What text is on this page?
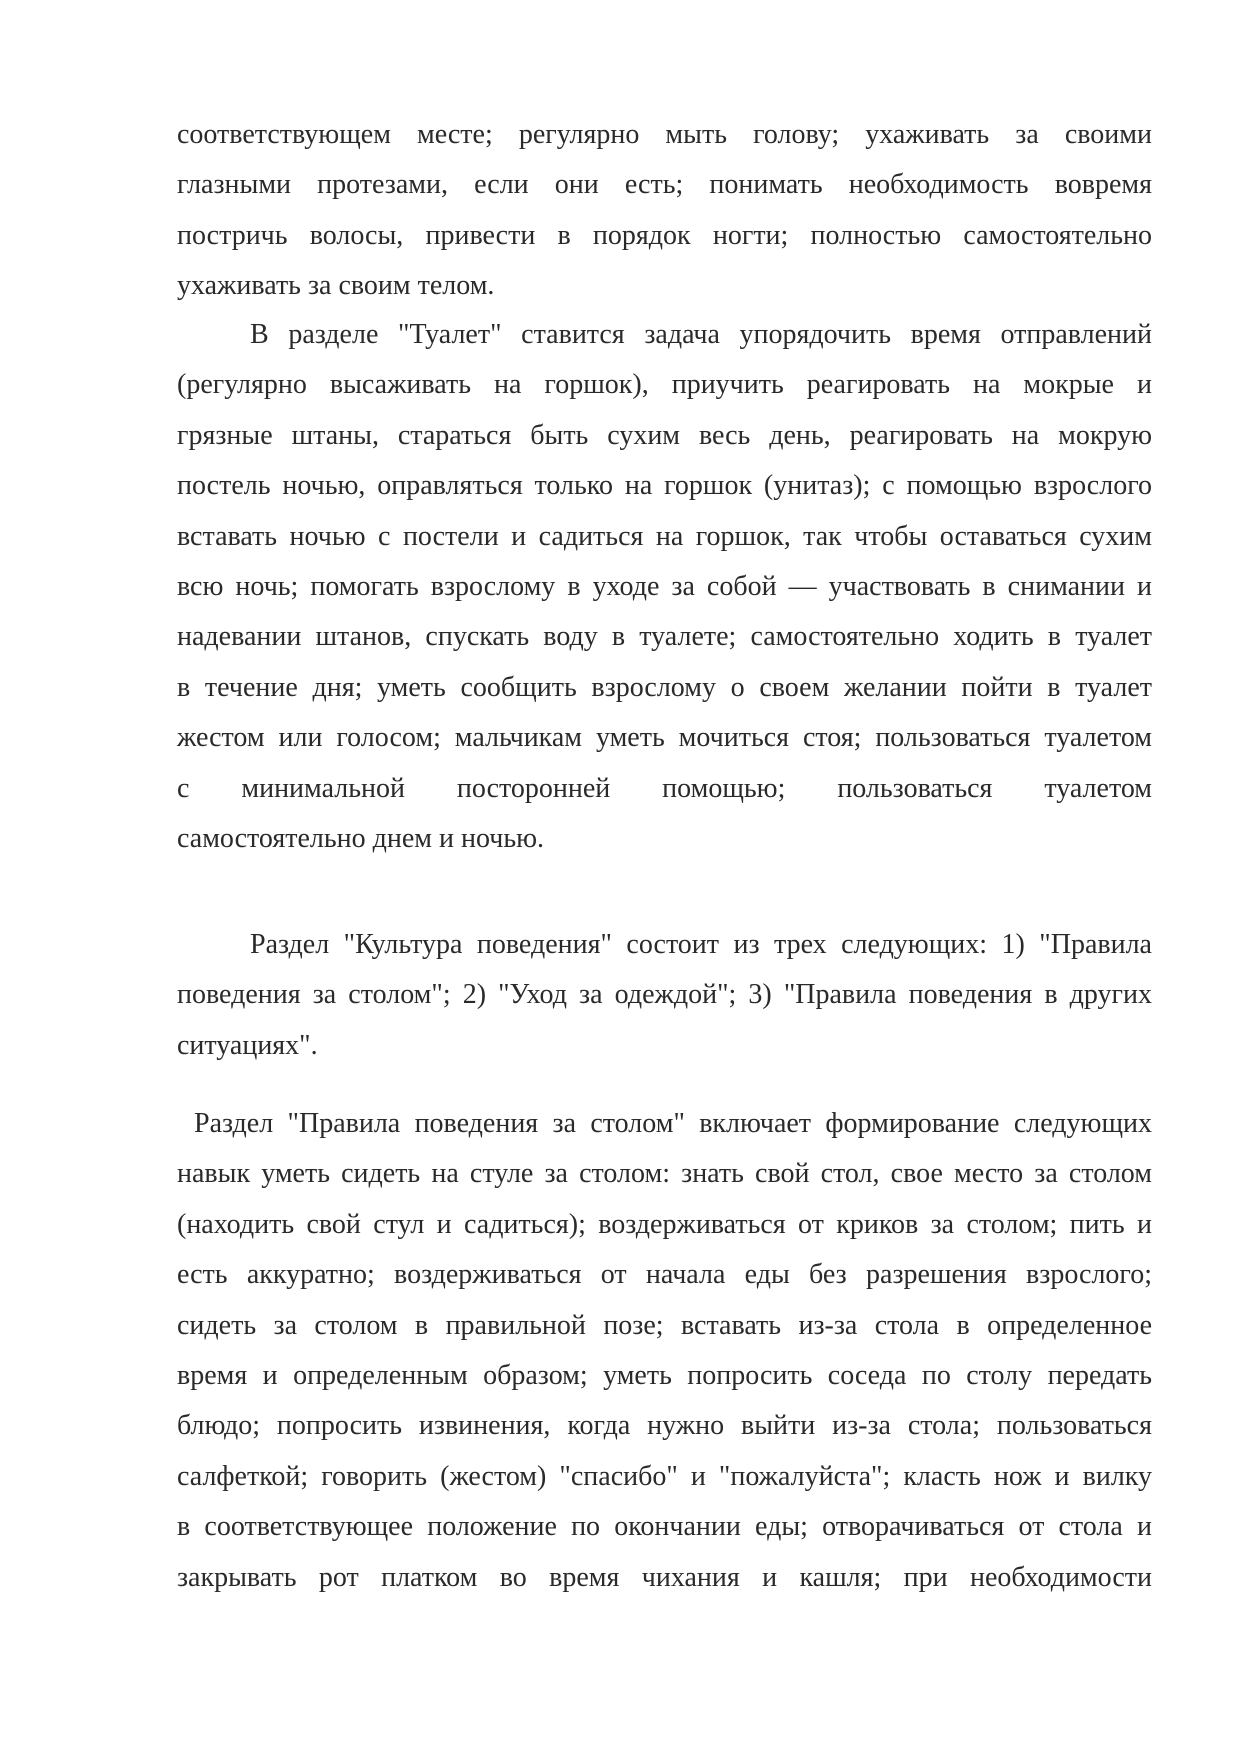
соответствующем месте; регулярно мыть голову; ухаживать за своими
глазными протезами, если они есть; понимать необходимость вовремя
постричь волосы, привести в порядок ногти; полностью самостоятельно
ухаживать за своим телом.

В разделе "Туалет" ставится задача упорядочить время отправлений
(регулярно высаживать на горшок), приучить реагировать на мокрые и
грязные штаны, стараться быть сухим весь день, реагировать на мокрую
постель ночью, оправляться только на горшок (унитаз); с помощью взрослого
вставать ночью с постели и садиться на горшок, так чтобы оставаться сухим
всю ночь; помогать взрослому в уходе за собой — участвовать в снимании и
надевании штанов, спускать воду в туалете; самостоятельно ходить в туалет
в течение дня; уметь сообщить взрослому о своем желании пойти в туалет
жестом или голосом; мальчикам уметь мочиться стоя; пользоваться туалетом
с минимальной посторонней помощью; пользоваться туалетом
самостоятельно днем и ночью.

Раздел "Культура поведения" состоит из трех следующих: 1) "Правила
поведения за столом"; 2) "Уход за одеждой"; 3) "Правила поведения в других
ситуациях".

Раздел "Правила поведения за столом" включает формирование следующих
навык уметь сидеть на стуле за столом: знать свой стол, свое место за столом
(находить свой стул и садиться); воздерживаться от криков за столом; пить и
есть аккуратно; воздерживаться от начала еды без разрешения взрослого;
сидеть за столом в правильной позе; вставать из-за стола в определенное
время и определенным образом; уметь попросить соседа по столу передать
блюдо; попросить извинения, когда нужно выйти из-за стола; пользоваться
салфеткой; говорить (жестом) "спасибо" и "пожалуйста"; класть нож и вилку
в соответствующее положение по окончании еды; отворачиваться от стола и
закрывать рот платком во время чихания и кашля; при необходимости
